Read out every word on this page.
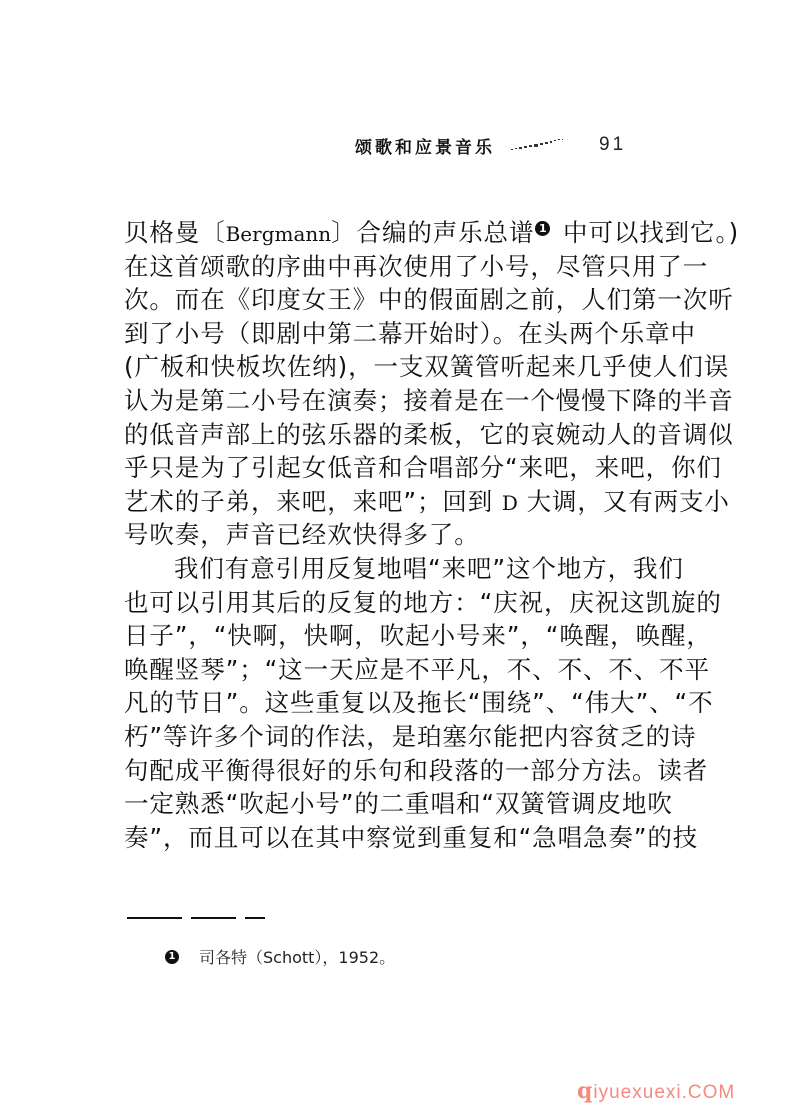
颂歌和应景音乐	91
贝格曼〔Bergmann〕合编的声乐总谱 1 中可以找到它。)
在这首颂歌的序曲中再次使用了小号，尽管只用了一
次。而在《印度女王》中的假面剧之前，人们第一次听
到了小号（即剧中第二幕开始时）。在头两个乐章中
(广板和快板坎佐纳)，一支双簧管听起来几乎使人们误
认为是第二小号在演奏；接着是在一个慢慢下降的半音
的低音声部上的弦乐器的柔板，它的哀婉动人的音调似
乎只是为了引起女低音和合唱部分“来吧，来吧，你们
艺术的子弟，来吧，来吧”；回到 D 大调，又有两支小
号吹奏，声音已经欢快得多了。
我们有意引用反复地唱“来吧”这个地方，我们
也可以引用其后的反复的地方：“庆祝，庆祝这凯旋的
日子”，“快啊，快啊，吹起小号来”，“唤醒，唤醒，
唤醒竖琴”；“这一天应是不平凡，不、不、不、不平
凡的节日”。这些重复以及拖长“围绕”、“伟大”、“不
朽”等许多个词的作法，是珀塞尔能把内容贫乏的诗
句配成平衡得很好的乐句和段落的一部分方法。读者
一定熟悉“吹起小号”的二重唱和“双簧管调皮地吹
奏”，而且可以在其中察觉到重复和“急唱急奏”的技
1 司各特（Schott），1952。
qiyuexuexi.COM
